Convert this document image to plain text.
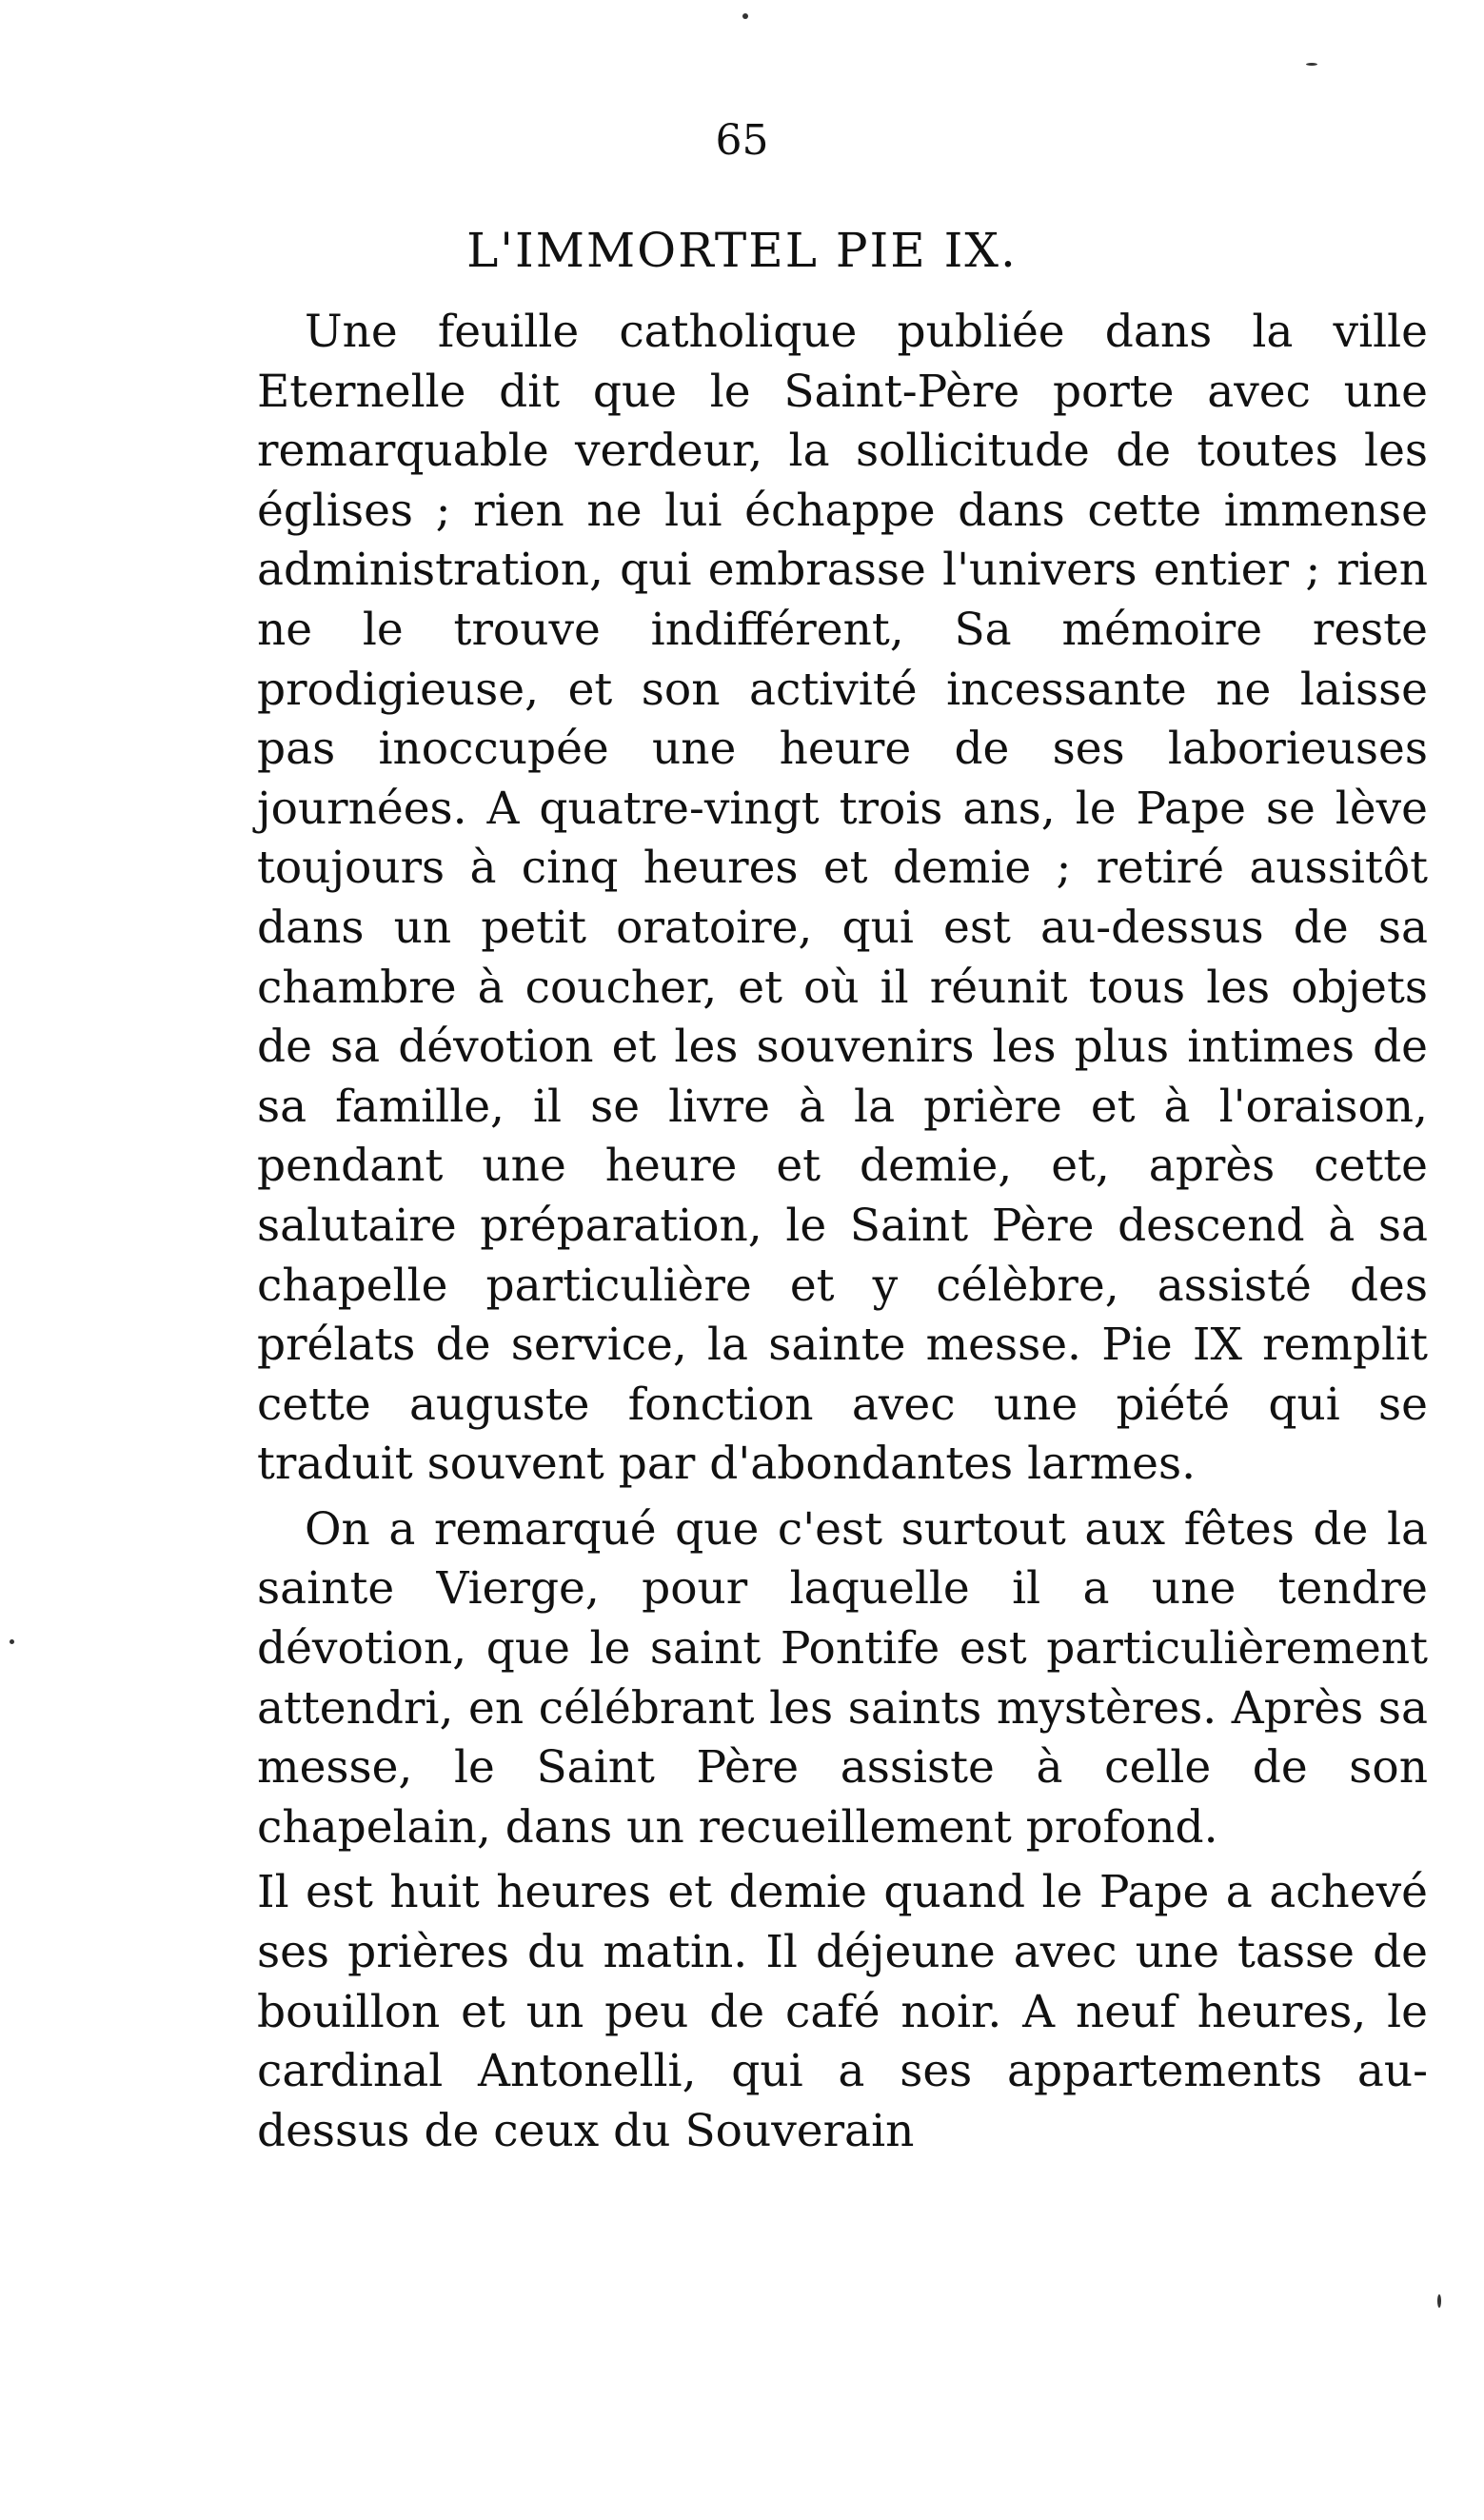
65
L'IMMORTEL PIE IX.

Une feuille catholique publiée dans la ville Eternelle dit que le Saint-Père porte avec une remarquable verdeur, la sollicitude de toutes les églises ; rien ne lui échappe dans cette immense administration, qui embrasse l'univers entier ; rien ne le trouve indifférent, Sa mémoire reste prodigieuse, et son activité incessante ne laisse pas inoccupée une heure de ses laborieuses journées. A quatre-vingt trois ans, le Pape se lève toujours à cinq heures et demie ; retiré aussitôt dans un petit oratoire, qui est au-dessus de sa chambre à coucher, et où il réunit tous les objets de sa dévotion et les souvenirs les plus intimes de sa famille, il se livre à la prière et à l'oraison, pendant une heure et demie, et, après cette salutaire préparation, le Saint Père descend à sa chapelle particulière et y célèbre, assisté des prélats de service, la sainte messe. Pie IX remplit cette auguste fonction avec une piété qui se traduit souvent par d'abondantes larmes.

On a remarqué que c'est surtout aux fêtes de la sainte Vierge, pour laquelle il a une tendre dévotion, que le saint Pontife est particulièrement attendri, en célébrant les saints mystères. Après sa messe, le Saint Père assiste à celle de son chapelain, dans un recueillement profond.

Il est huit heures et demie quand le Pape a achevé ses prières du matin. Il déjeune avec une tasse de bouillon et un peu de café noir. A neuf heures, le cardinal Antonelli, qui a ses appartements au-dessus de ceux du Souverain
